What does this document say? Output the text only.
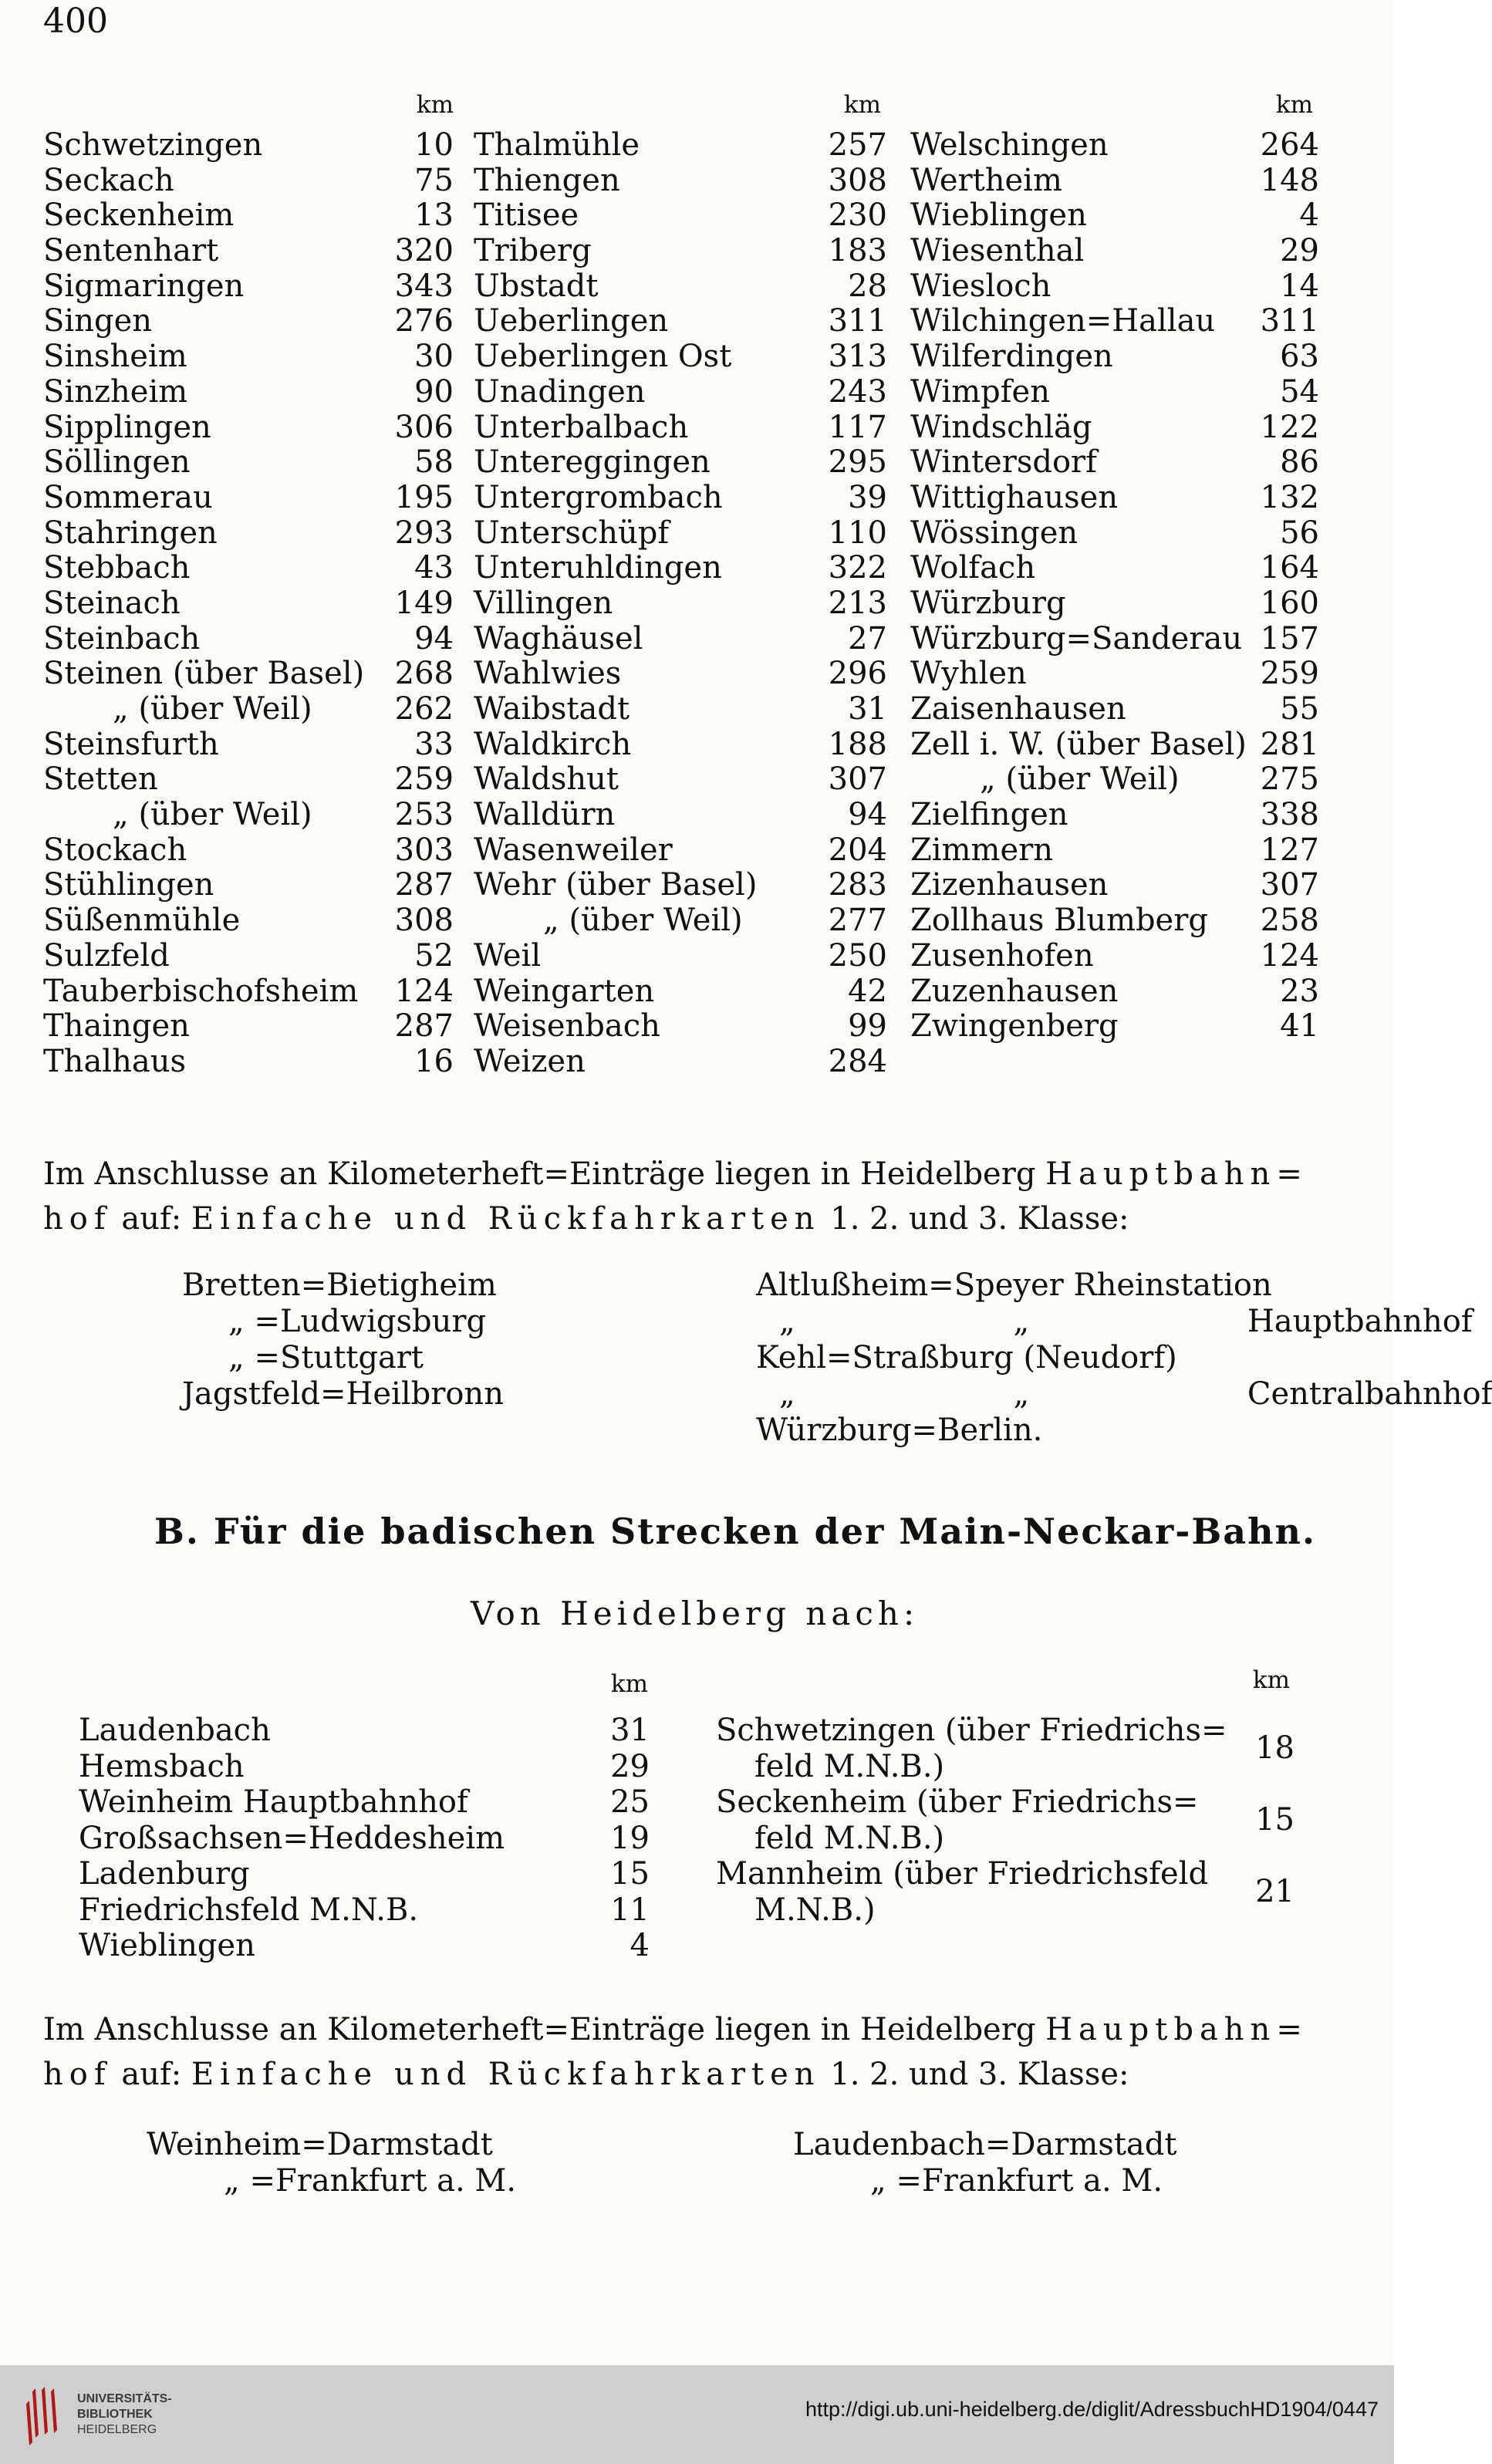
400
km	km	km
Schwetzingen	10
Seckach	75
Seckenheim	13
Sentenhart	320
Sigmaringen	343
Singen	276
Sinsheim	30
Sinzheim	90
Sipplingen	306
Söllingen	58
Sommerau	195
Stahringen	293
Stebbach	43
Steinach	149
Steinbach	94
Steinen (über Basel) 268
„ (über Weil)	262
Steinsfurth	33
Stetten	259
„ (über Weil)	253
Stockach	303
Stühlingen	287
Süßenmühle	308
Sulzfeld	52
Tauberbischofsheim	124
Thaingen	287
Thalhaus	16
Thalmühle	257
Thiengen	308
Titisee	230
Triberg	183
Ubstadt	28
Ueberlingen	311
Ueberlingen Ost	313
Unadingen	243
Unterbalbach	117
Untereggingen	295
Untergrombach	39
Unterschüpf	110
Unteruhldingen	322
Villingen	213
Waghäusel	27
Wahlwies	296
Waibstadt	31
Waldkirch	188
Waldshut	307
Walldürn	94
Wasenweiler	204
Wehr (über Basel)	283
„ (über Weil)	277
Weil	250
Weingarten	42
Weisenbach	99
Weizen	284
Welschingen	264
Wertheim	148
Wieblingen	4
Wiesenthal	29
Wiesloch	14
Wilchingen=Hallau	311
Wilferdingen	63
Wimpfen	54
Windschläg	122
Wintersdorf	86
Wittighausen	132
Wössingen	56
Wolfach	164
Würzburg	160
Würzburg=Sanderau 157
Wyhlen	259
Zaisenhausen	55
Zell i. W. (über Basel) 281
„ (über Weil)	275
Zielfingen	338
Zimmern	127
Zizenhausen	307
Zollhaus Blumberg	258
Zusenhofen	124
Zuzenhausen	23
Zwingenberg	41
Im Anschlusse an Kilometerheft=Einträge liegen in Heidelberg Hauptbahn=
hof auf: Einfache und Rückfahrkarten 1. 2. und 3. Klasse:
Bretten=Bietigheim
„ =Ludwigsburg
„ =Stuttgart
Jagstfeld=Heilbronn
Altlußheim=Speyer Rheinstation
„ „ Hauptbahnhof
Kehl=Straßburg (Neudorf)
„ „ Centralbahnhof
Würzburg=Berlin.
B. Für die badischen Strecken der Main-Neckar-Bahn.
Von Heidelberg nach:
km	km
Laudenbach	31
Hemsbach	29
Weinheim Hauptbahnhof	25
Großsachsen=Heddesheim	19
Ladenburg	15
Friedrichsfeld M.N.B.	11
Wieblingen	4
Schwetzingen (über Friedrichs=
feld M.N.B.)
18
Seckenheim (über Friedrichs=
feld M.N.B.)
15
Mannheim (über Friedrichsfeld
M.N.B.)
21
Im Anschlusse an Kilometerheft=Einträge liegen in Heidelberg Hauptbahn=
hof auf: Einfache und Rückfahrkarten 1. 2. und 3. Klasse:
Weinheim=Darmstadt
„ =Frankfurt a. M.
Laudenbach=Darmstadt
„ =Frankfurt a. M.
UNIVERSITÄTS-
BIBLIOTHEK
HEIDELBERG
http://digi.ub.uni-heidelberg.de/diglit/AdressbuchHD1904/0447
